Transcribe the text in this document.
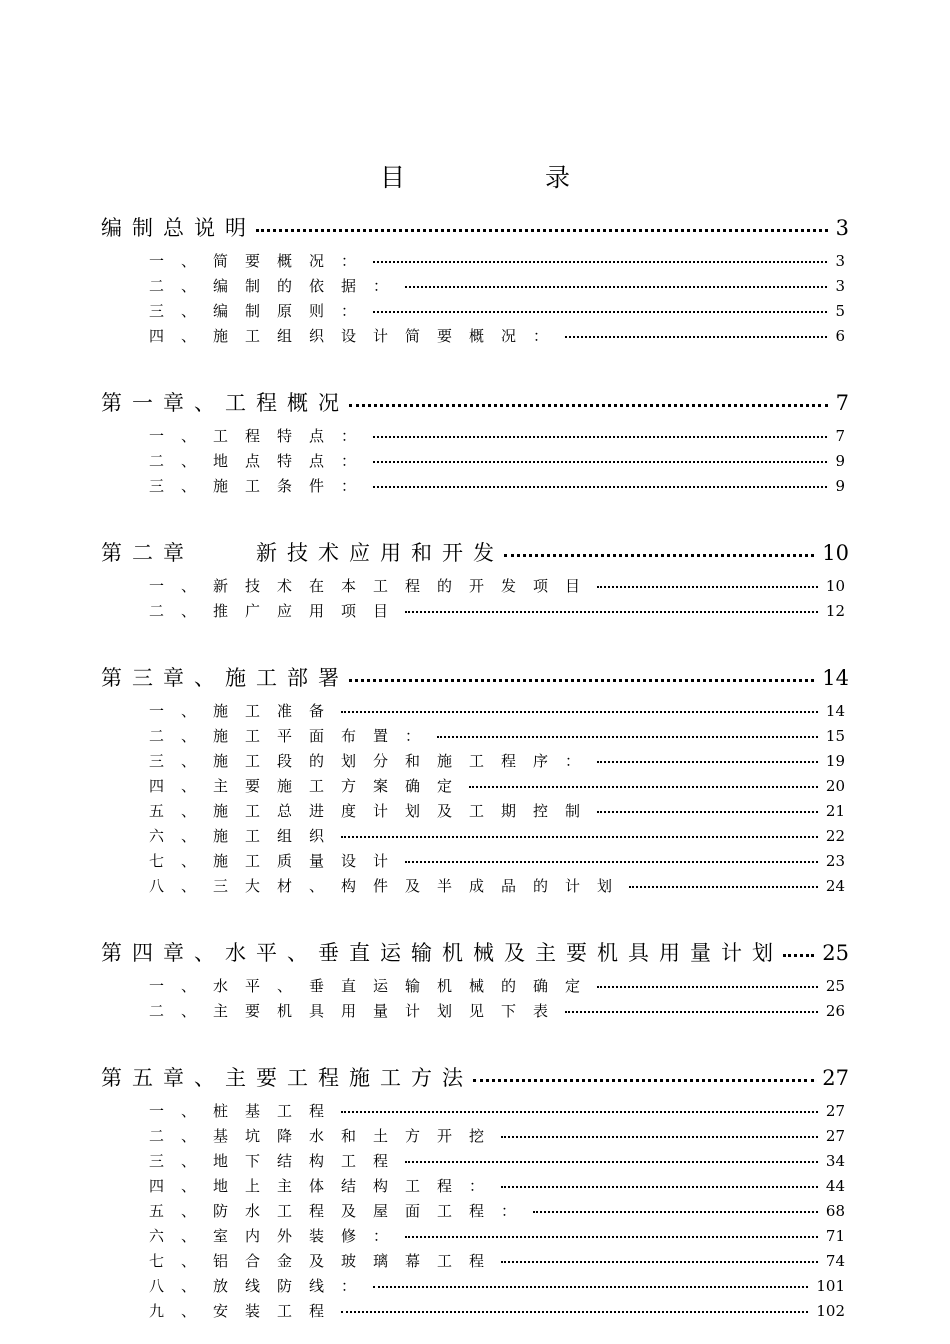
目	录
编制总说明	3
一、简要概况：	3
二、编制的依据：	3
三、编制原则：	5
四、施工组织设计简要概况：	6
第一章、工程概况	7
一、工程特点：	7
二、地点特点：	9
三、施工条件：	9
第二章　　新技术应用和开发	10
一、新技术在本工程的开发项目	10
二、推广应用项目	12
第三章、施工部署	14
一、施工准备	14
二、施工平面布置：	15
三、施工段的划分和施工程序：	19
四、主要施工方案确定	20
五、施工总进度计划及工期控制	21
六、施工组织	22
七、施工质量设计	23
八、三大材、构件及半成品的计划	24
第四章、水平、垂直运输机械及主要机具用量计划 25
一、水平、垂直运输机械的确定	25
二、主要机具用量计划见下表	26
第五章、主要工程施工方法	27
一、桩基工程	27
二、基坑降水和土方开挖	27
三、地下结构工程	34
四、地上主体结构工程：	44
五、防水工程及屋面工程：	68
六、室内外装修：	71
七、铝合金及玻璃幕工程	74
八、放线防线：	101
九、安装工程	102
